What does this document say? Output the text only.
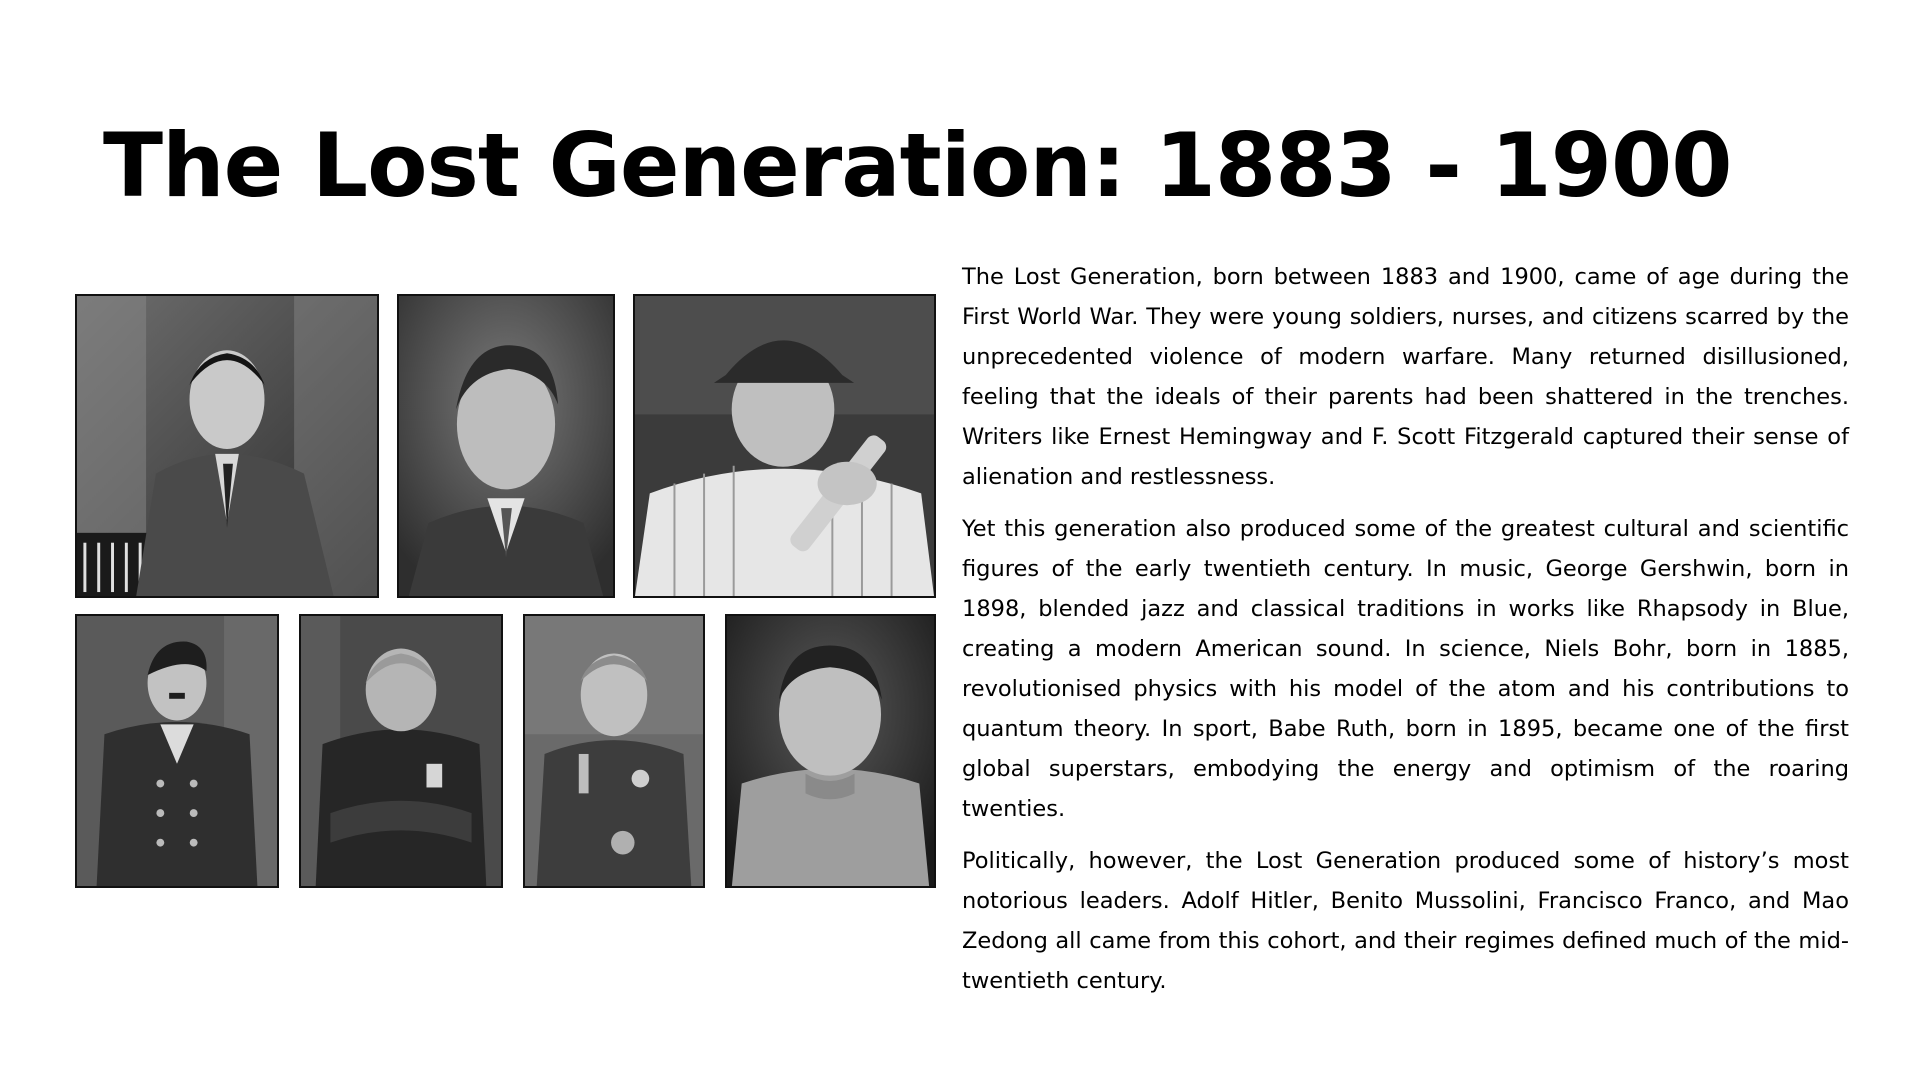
The Lost Generation: 1883 - 1900

The Lost Generation, born between 1883 and 1900, came of age during the First World War. They were young soldiers, nurses, and citizens scarred by the unprecedented violence of modern warfare. Many returned disillusioned, feeling that the ideals of their parents had been shattered in the trenches. Writers like Ernest Hemingway and F. Scott Fitzgerald captured their sense of alienation and restlessness.

Yet this generation also produced some of the greatest cultural and scientific figures of the early twentieth century. In music, George Gershwin, born in 1898, blended jazz and classical traditions in works like Rhapsody in Blue, creating a modern American sound. In science, Niels Bohr, born in 1885, revolutionised physics with his model of the atom and his contributions to quantum theory. In sport, Babe Ruth, born in 1895, became one of the first global superstars, embodying the energy and optimism of the roaring twenties.

Politically, however, the Lost Generation produced some of history’s most notorious leaders. Adolf Hitler, Benito Mussolini, Francisco Franco, and Mao Zedong all came from this cohort, and their regimes defined much of the mid-twentieth century.
